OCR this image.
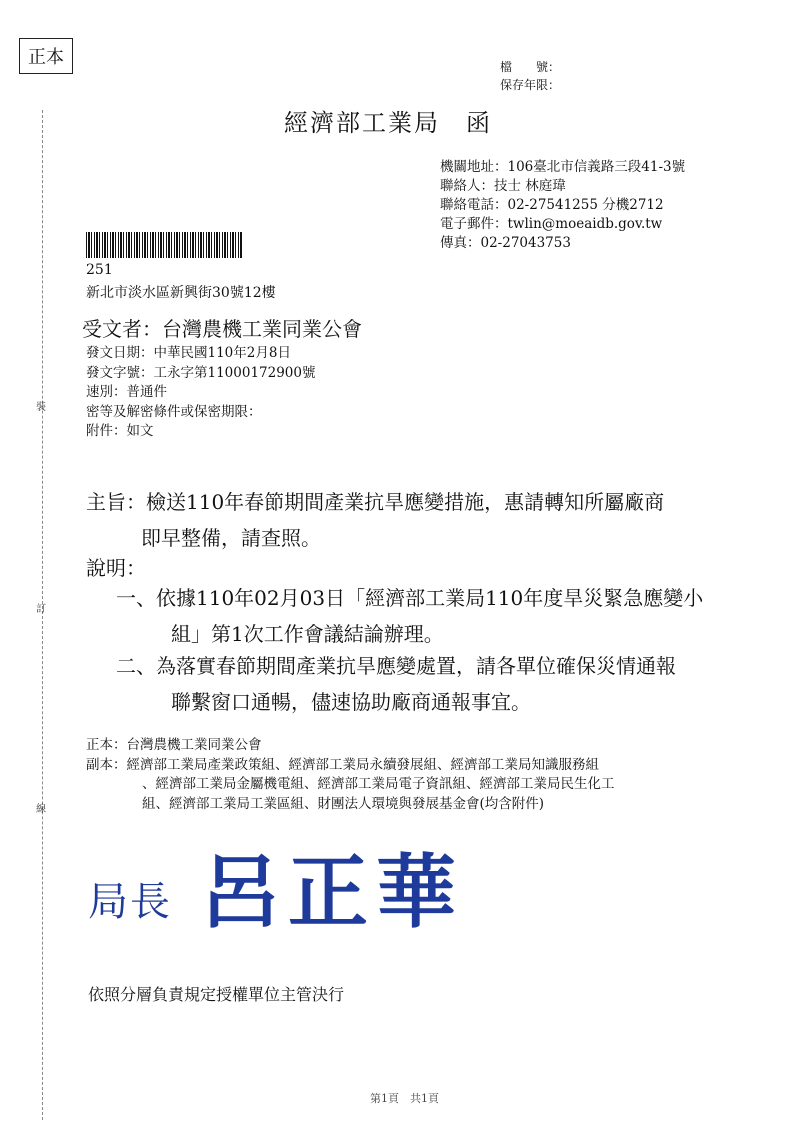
裝
訂
線
正本	檔　　號：
保存年限：
經濟部工業局　函
機關地址：106臺北市信義路三段41-3號
聯絡人：技士 林庭瑋
聯絡電話：02-27541255 分機2712
電子郵件：twlin@moeaidb.gov.tw
傳真：02-27043753
251
新北市淡水區新興街30號12樓
受文者：台灣農機工業同業公會
發文日期：中華民國110年2月8日
發文字號：工永字第11000172900號
速別：普通件
密等及解密條件或保密期限：
附件：如文
主旨：檢送110年春節期間產業抗旱應變措施，惠請轉知所屬廠商
即早整備，請查照。
說明：
一、依據110年02月03日「經濟部工業局110年度旱災緊急應變小
組」第1次工作會議結論辦理。
二、為落實春節期間產業抗旱應變處置，請各單位確保災情通報
聯繫窗口通暢，儘速協助廠商通報事宜。
正本：台灣農機工業同業公會
副本：經濟部工業局產業政策組、經濟部工業局永續發展組、經濟部工業局知識服務組
、經濟部工業局金屬機電組、經濟部工業局電子資訊組、經濟部工業局民生化工
組、經濟部工業局工業區組、財團法人環境與發展基金會(均含附件)
局長 呂正華
依照分層負責規定授權單位主管決行
第1頁　共1頁
